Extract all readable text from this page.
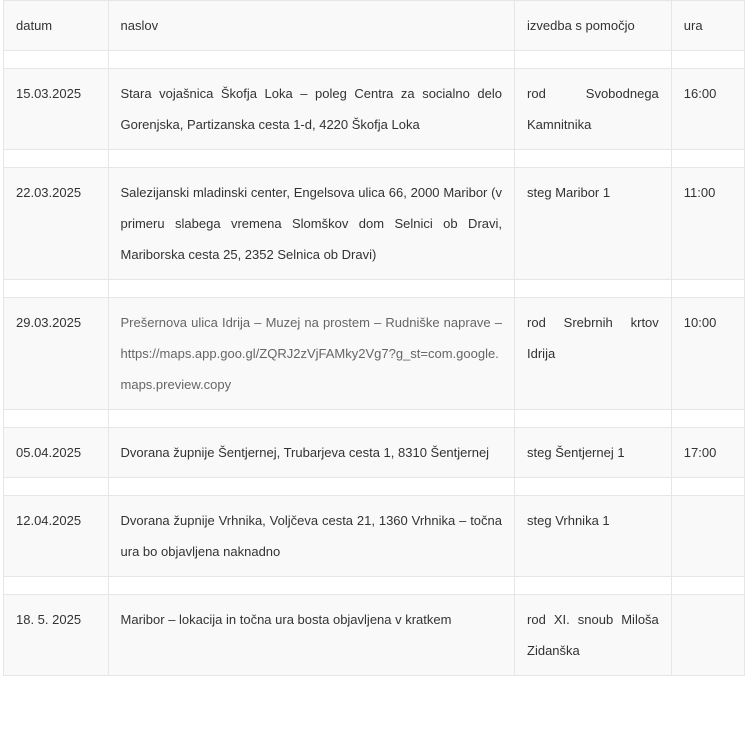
datum	naslov	izvedba s pomočjo	ura

15.03.2025	Stara vojašnica Škofja Loka – poleg Centra za socialno delo Gorenjska, Partizanska cesta 1-d, 4220 Škofja Loka	rod Svobodnega Kamnitnika	16:00

22.03.2025	Salezijanski mladinski center, Engelsova ulica 66, 2000 Maribor (v primeru slabega vremena Slomškov dom Selnici ob Dravi, Mariborska cesta 25, 2352 Selnica ob Dravi)	steg Maribor 1	11:00

29.03.2025	Prešernova ulica Idrija – Muzej na prostem – Rudniške naprave – https://maps.app.goo.gl/ZQRJ2zVjFAMky2Vg7?g_st=com.google.maps.preview.copy	rod Srebrnih krtov Idrija	10:00

05.04.2025	Dvorana župnije Šentjernej, Trubarjeva cesta 1, 8310 Šentjernej	steg Šentjernej 1	17:00

12.04.2025	Dvorana župnije Vrhnika, Voljčeva cesta 21, 1360 Vrhnika – točna ura bo objavljena naknadno	steg Vrhnika 1	

18. 5. 2025	Maribor – lokacija in točna ura bosta objavljena v kratkem	rod XI. snoub Miloša Zidanška	
